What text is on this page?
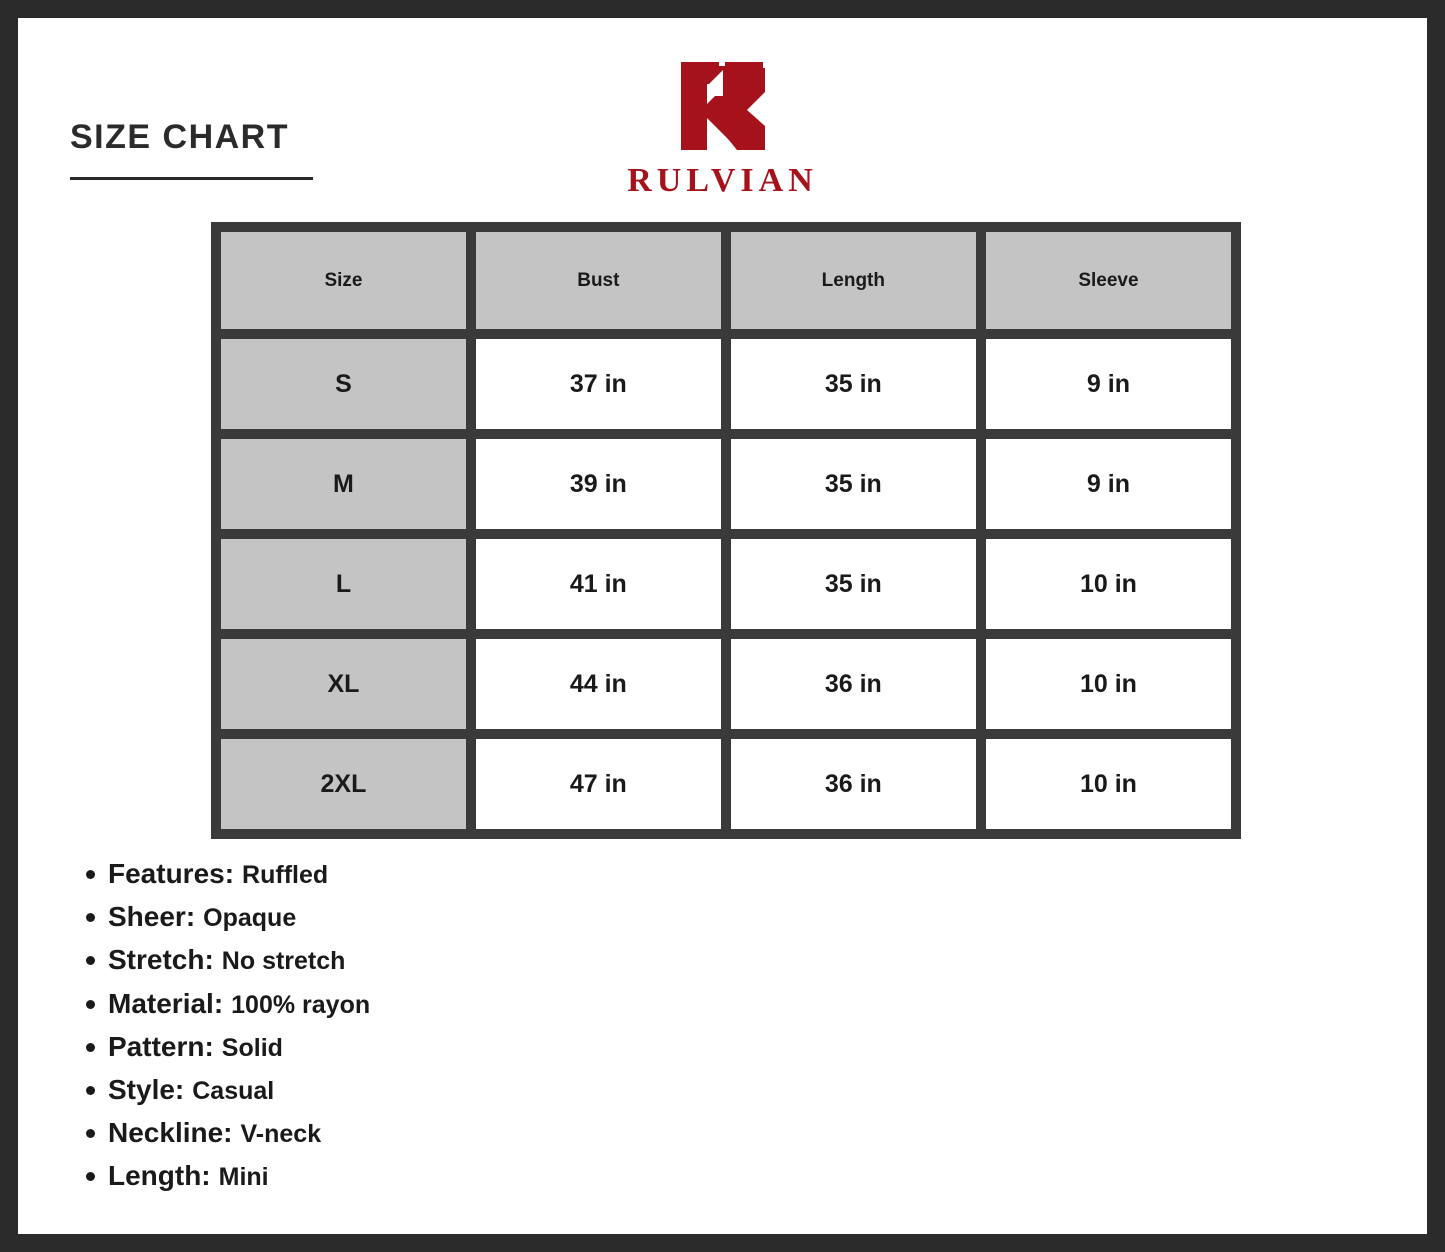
SIZE CHART
RULVIAN
Size	Bust	Length	Sleeve
S	37 in	35 in	9 in
M	39 in	35 in	9 in
L	41 in	35 in	10 in
XL	44 in	36 in	10 in
2XL	47 in	36 in	10 in
Features: Ruffled
Sheer: Opaque
Stretch: No stretch
Material: 100% rayon
Pattern: Solid
Style: Casual
Neckline: V-neck
Length: Mini
